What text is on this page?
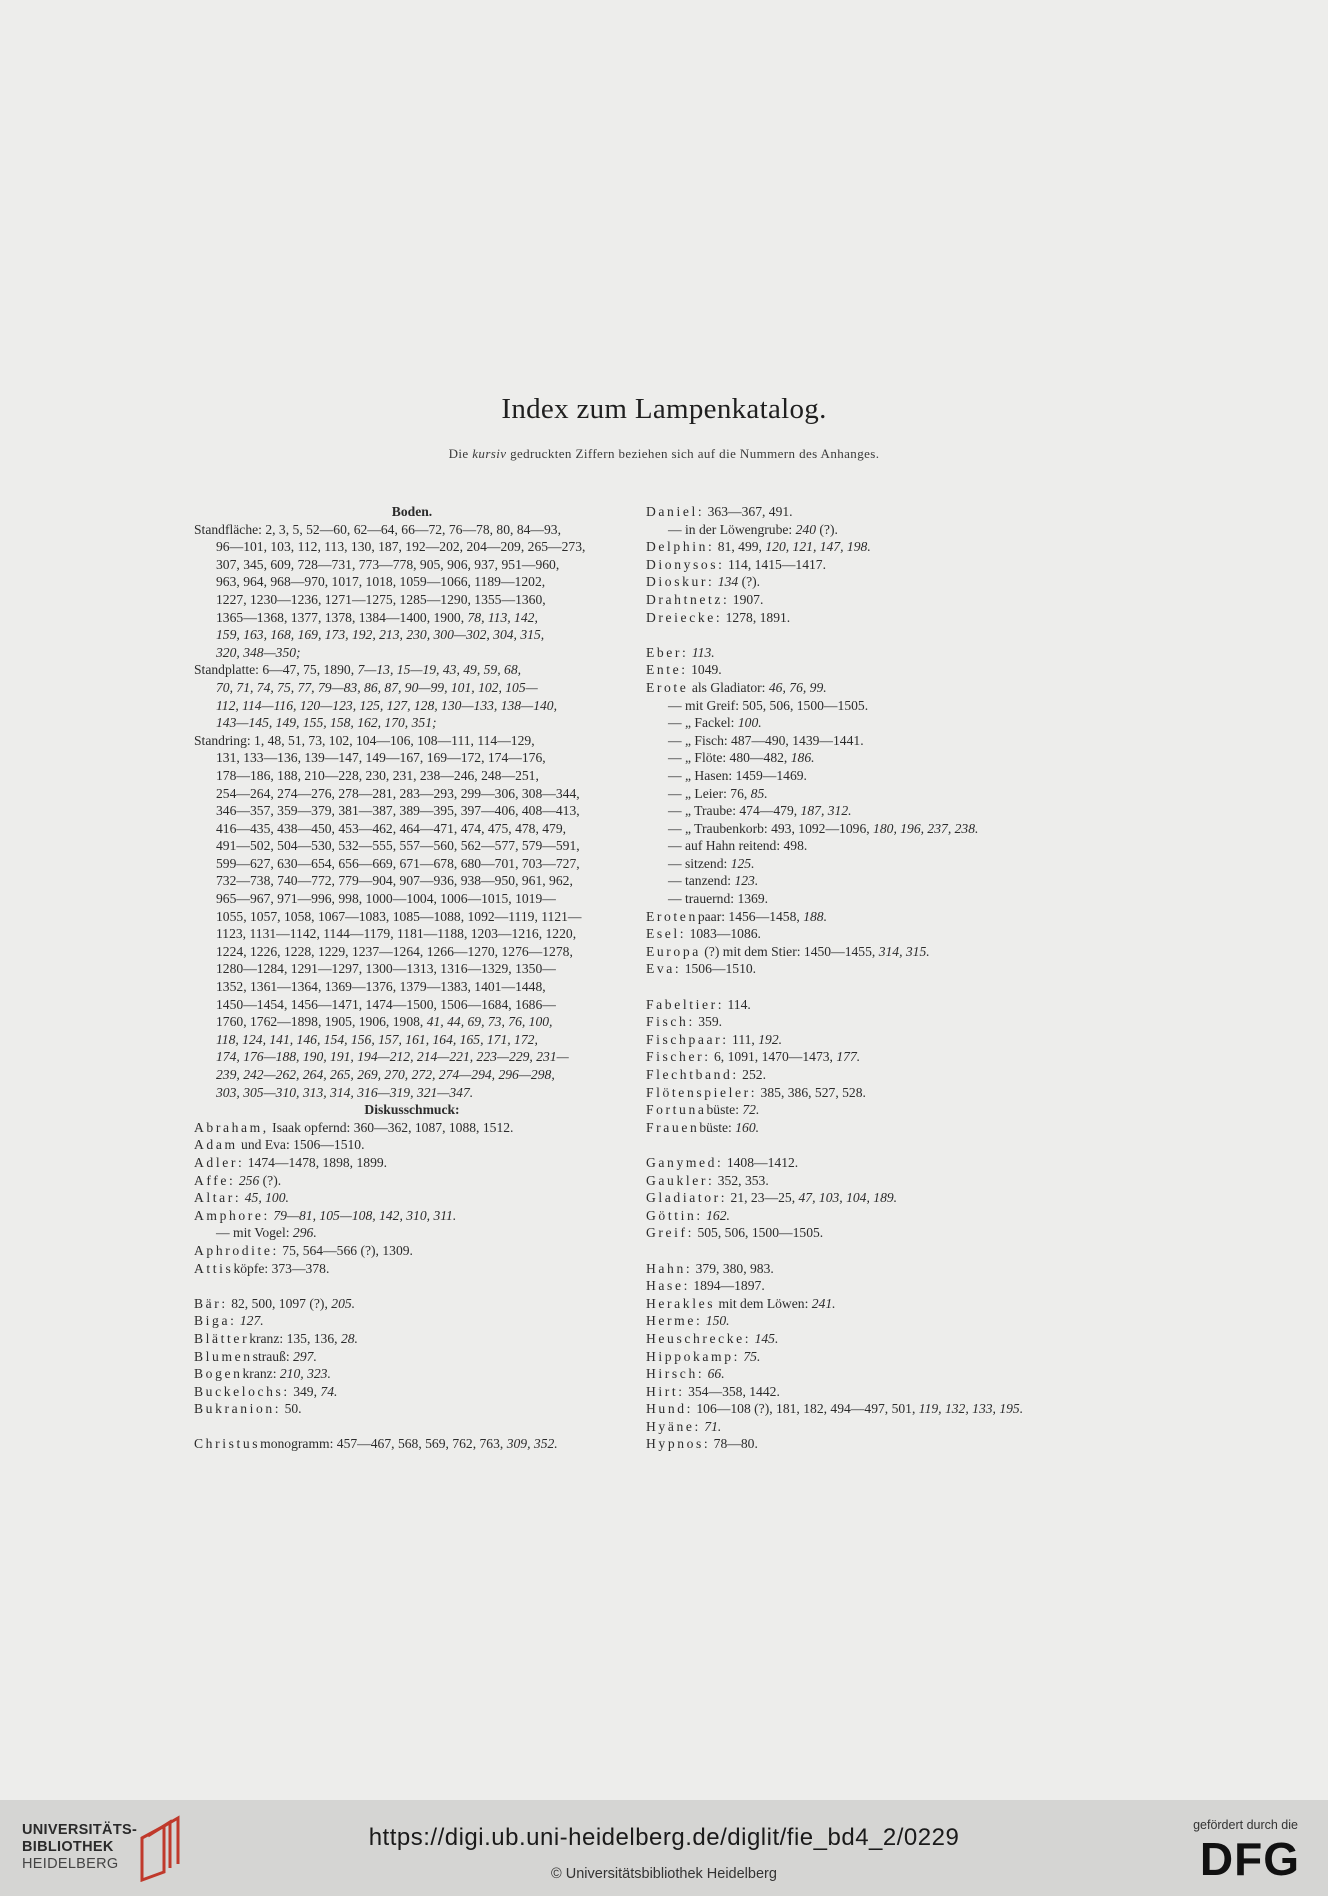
Index zum Lampenkatalog.
Die kursiv gedruckten Ziffern beziehen sich auf die Nummern des Anhanges.
Boden.
Standfläche: 2, 3, 5, 52—60, 62—64, 66—72, 76—78, 80, 84—93,
96—101, 103, 112, 113, 130, 187, 192—202, 204—209, 265—273,
307, 345, 609, 728—731, 773—778, 905, 906, 937, 951—960,
963, 964, 968—970, 1017, 1018, 1059—1066, 1189—1202,
1227, 1230—1236, 1271—1275, 1285—1290, 1355—1360,
1365—1368, 1377, 1378, 1384—1400, 1900, 78, 113, 142,
159, 163, 168, 169, 173, 192, 213, 230, 300—302, 304, 315,
320, 348—350;
Standplatte: 6—47, 75, 1890, 7—13, 15—19, 43, 49, 59, 68,
70, 71, 74, 75, 77, 79—83, 86, 87, 90—99, 101, 102, 105—
112, 114—116, 120—123, 125, 127, 128, 130—133, 138—140,
143—145, 149, 155, 158, 162, 170, 351;
Standring: 1, 48, 51, 73, 102, 104—106, 108—111, 114—129,
131, 133—136, 139—147, 149—167, 169—172, 174—176,
178—186, 188, 210—228, 230, 231, 238—246, 248—251,
254—264, 274—276, 278—281, 283—293, 299—306, 308—344,
346—357, 359—379, 381—387, 389—395, 397—406, 408—413,
416—435, 438—450, 453—462, 464—471, 474, 475, 478, 479,
491—502, 504—530, 532—555, 557—560, 562—577, 579—591,
599—627, 630—654, 656—669, 671—678, 680—701, 703—727,
732—738, 740—772, 779—904, 907—936, 938—950, 961, 962,
965—967, 971—996, 998, 1000—1004, 1006—1015, 1019—
1055, 1057, 1058, 1067—1083, 1085—1088, 1092—1119, 1121—
1123, 1131—1142, 1144—1179, 1181—1188, 1203—1216, 1220,
1224, 1226, 1228, 1229, 1237—1264, 1266—1270, 1276—1278,
1280—1284, 1291—1297, 1300—1313, 1316—1329, 1350—
1352, 1361—1364, 1369—1376, 1379—1383, 1401—1448,
1450—1454, 1456—1471, 1474—1500, 1506—1684, 1686—
1760, 1762—1898, 1905, 1906, 1908, 41, 44, 69, 73, 76, 100,
118, 124, 141, 146, 154, 156, 157, 161, 164, 165, 171, 172,
174, 176—188, 190, 191, 194—212, 214—221, 223—229, 231—
239, 242—262, 264, 265, 269, 270, 272, 274—294, 296—298,
303, 305—310, 313, 314, 316—319, 321—347.
Diskusschmuck:
Abraham, Isaak opfernd: 360—362, 1087, 1088, 1512.
Adam und Eva: 1506—1510.
Adler: 1474—1478, 1898, 1899.
Affe: 256 (?).
Altar: 45, 100.
Amphore: 79—81, 105—108, 142, 310, 311.
— mit Vogel: 296.
Aphrodite: 75, 564—566 (?), 1309.
Attisköpfe: 373—378.
Bär: 82, 500, 1097 (?), 205.
Biga: 127.
Blätterkranz: 135, 136, 28.
Blumenstrauß: 297.
Bogenkranz: 210, 323.
Buckelochs: 349, 74.
Bukranion: 50.
Christusmonogramm: 457—467, 568, 569, 762, 763, 309, 352.
Daniel: 363—367, 491.
— in der Löwengrube: 240 (?).
Delphin: 81, 499, 120, 121, 147, 198.
Dionysos: 114, 1415—1417.
Dioskur: 134 (?).
Drahtnetz: 1907.
Dreiecke: 1278, 1891.
Eber: 113.
Ente: 1049.
Erote als Gladiator: 46, 76, 99.
— mit Greif: 505, 506, 1500—1505.
— „ Fackel: 100.
— „ Fisch: 487—490, 1439—1441.
— „ Flöte: 480—482, 186.
— „ Hasen: 1459—1469.
— „ Leier: 76, 85.
— „ Traube: 474—479, 187, 312.
— „ Traubenkorb: 493, 1092—1096, 180, 196, 237, 238.
— auf Hahn reitend: 498.
— sitzend: 125.
— tanzend: 123.
— trauernd: 1369.
Erotenpaar: 1456—1458, 188.
Esel: 1083—1086.
Europa (?) mit dem Stier: 1450—1455, 314, 315.
Eva: 1506—1510.
Fabeltier: 114.
Fisch: 359.
Fischpaar: 111, 192.
Fischer: 6, 1091, 1470—1473, 177.
Flechtband: 252.
Flötenspieler: 385, 386, 527, 528.
Fortunabüste: 72.
Frauenbüste: 160.
Ganymed: 1408—1412.
Gaukler: 352, 353.
Gladiator: 21, 23—25, 47, 103, 104, 189.
Göttin: 162.
Greif: 505, 506, 1500—1505.
Hahn: 379, 380, 983.
Hase: 1894—1897.
Herakles mit dem Löwen: 241.
Herme: 150.
Heuschrecke: 145.
Hippokamp: 75.
Hirsch: 66.
Hirt: 354—358, 1442.
Hund: 106—108 (?), 181, 182, 494—497, 501, 119, 132, 133, 195.
Hyäne: 71.
Hypnos: 78—80.
UNIVERSITÄTS-
BIBLIOTHEK
HEIDELBERG
https://digi.ub.uni-heidelberg.de/diglit/fie_bd4_2/0229
© Universitätsbibliothek Heidelberg
gefördert durch die
DFG
